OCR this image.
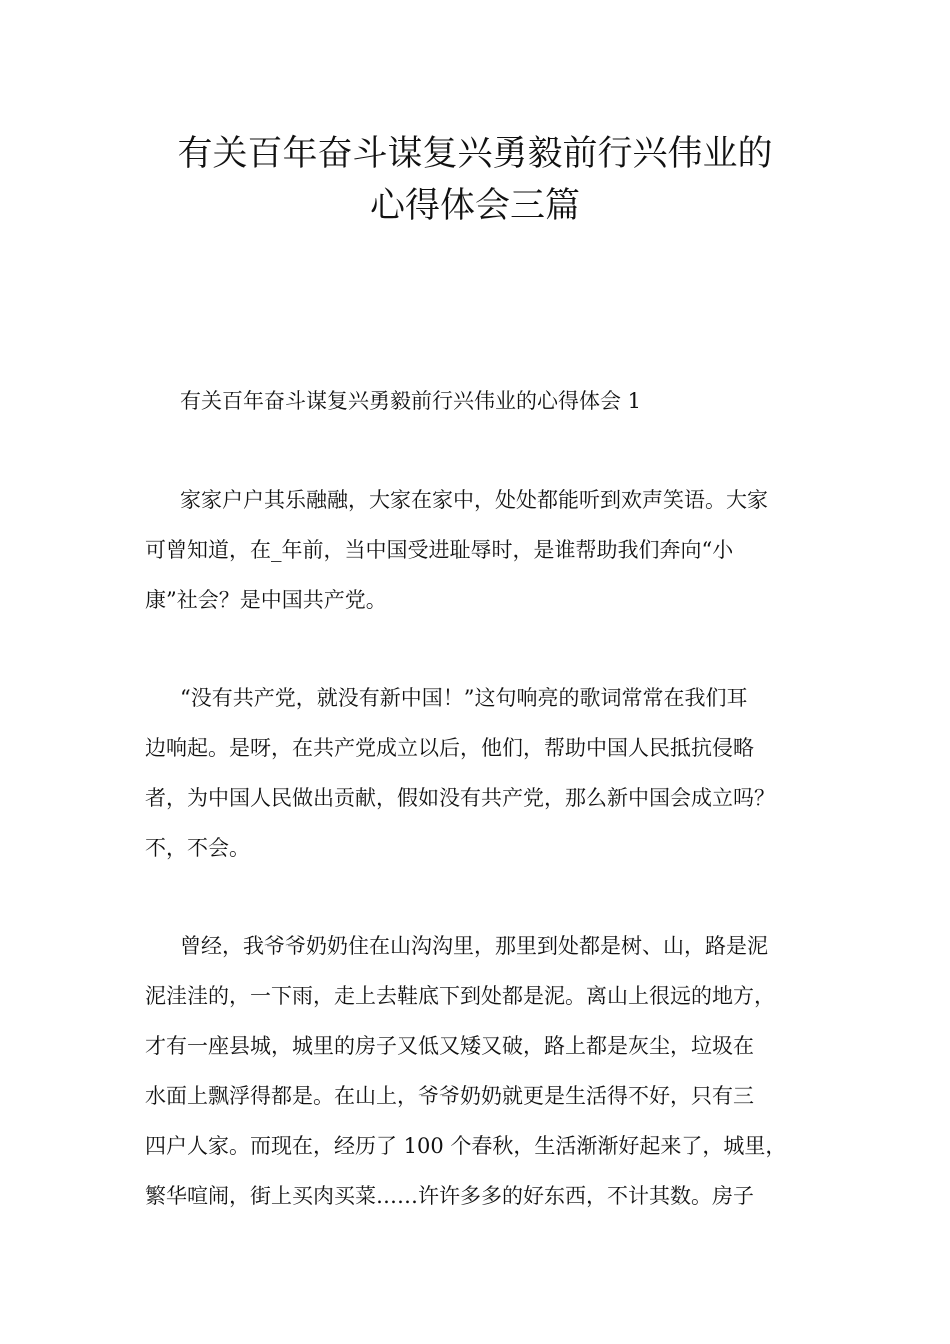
有关百年奋斗谋复兴勇毅前行兴伟业的
心得体会三篇

有关百年奋斗谋复兴勇毅前行兴伟业的心得体会 1

家家户户其乐融融，大家在家中，处处都能听到欢声笑语。大家

可曾知道，在_年前，当中国受进耻辱时，是谁帮助我们奔向“小

康”社会？是中国共产党。

“没有共产党，就没有新中国！”这句响亮的歌词常常在我们耳

边响起。是呀，在共产党成立以后，他们，帮助中国人民抵抗侵略

者，为中国人民做出贡献，假如没有共产党，那么新中国会成立吗？

不，不会。

曾经，我爷爷奶奶住在山沟沟里，那里到处都是树、山，路是泥

泥洼洼的，一下雨，走上去鞋底下到处都是泥。离山上很远的地方，

才有一座县城，城里的房子又低又矮又破，路上都是灰尘，垃圾在

水面上飘浮得都是。在山上，爷爷奶奶就更是生活得不好，只有三

四户人家。而现在，经历了 100 个春秋，生活渐渐好起来了，城里，

繁华喧闹，街上买肉买菜……许许多多的好东西，不计其数。房子
